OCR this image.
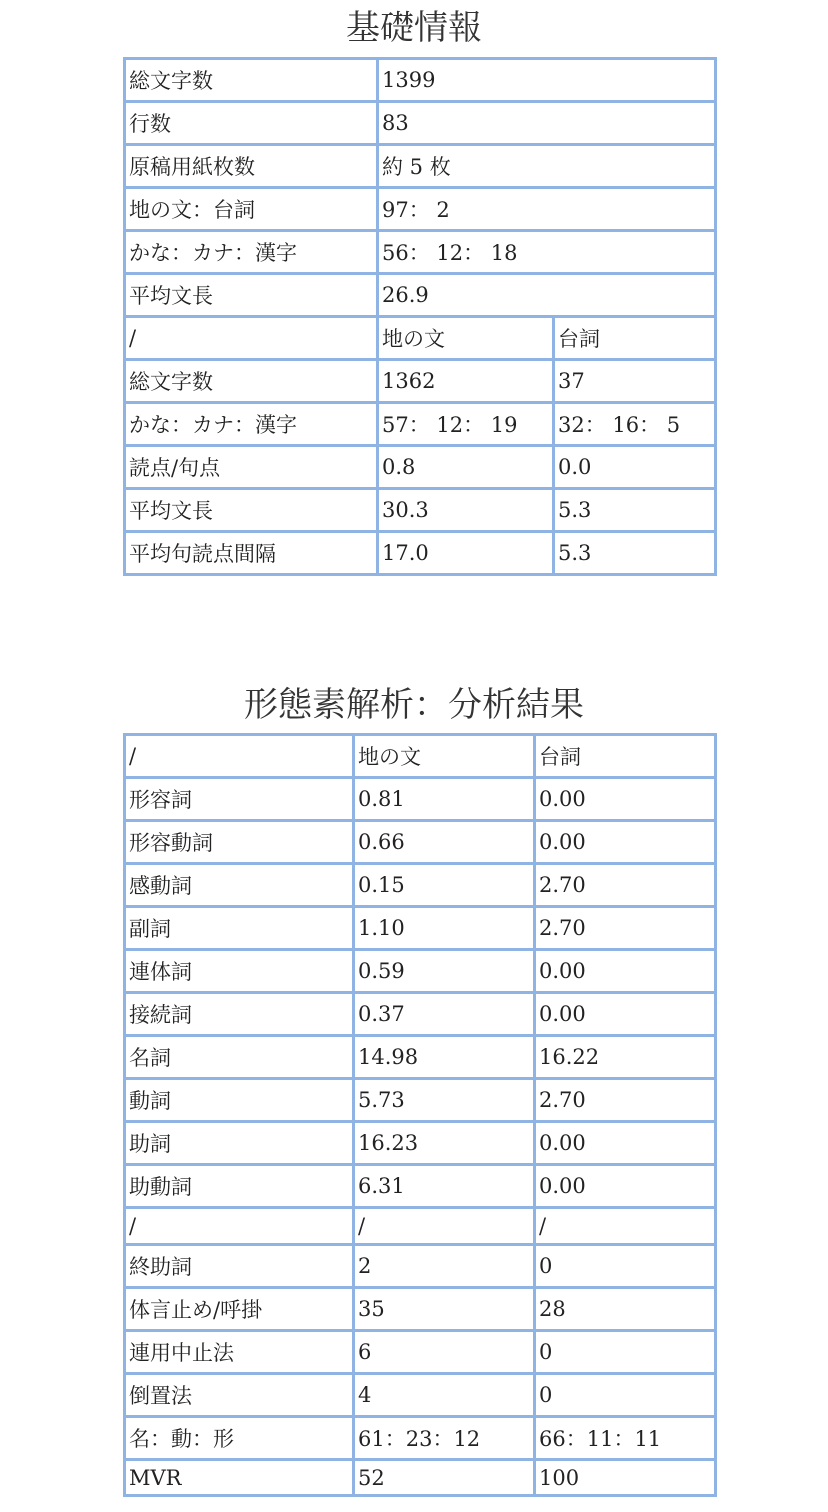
基礎情報
総文字数	1399	
行数	83	
原稿用紙枚数	約 5 枚	
地の文：台詞	97： 2	
かな：カナ：漢字	56： 12： 18	
平均文長	26.9	
/	地の文	台詞
総文字数	1362	37
かな：カナ：漢字	57： 12： 19	32： 16： 5
読点/句点	0.8	0.0
平均文長	30.3	5.3
平均句読点間隔	17.0	5.3
形態素解析：分析結果
/	地の文	台詞
形容詞	0.81	0.00
形容動詞	0.66	0.00
感動詞	0.15	2.70
副詞	1.10	2.70
連体詞	0.59	0.00
接続詞	0.37	0.00
名詞	14.98	16.22
動詞	5.73	2.70
助詞	16.23	0.00
助動詞	6.31	0.00
/	/	/
終助詞	2	0
体言止め/呼掛	35	28
連用中止法	6	0
倒置法	4	0
名：動：形	61：23：12	66：11：11
MVR	52	100
